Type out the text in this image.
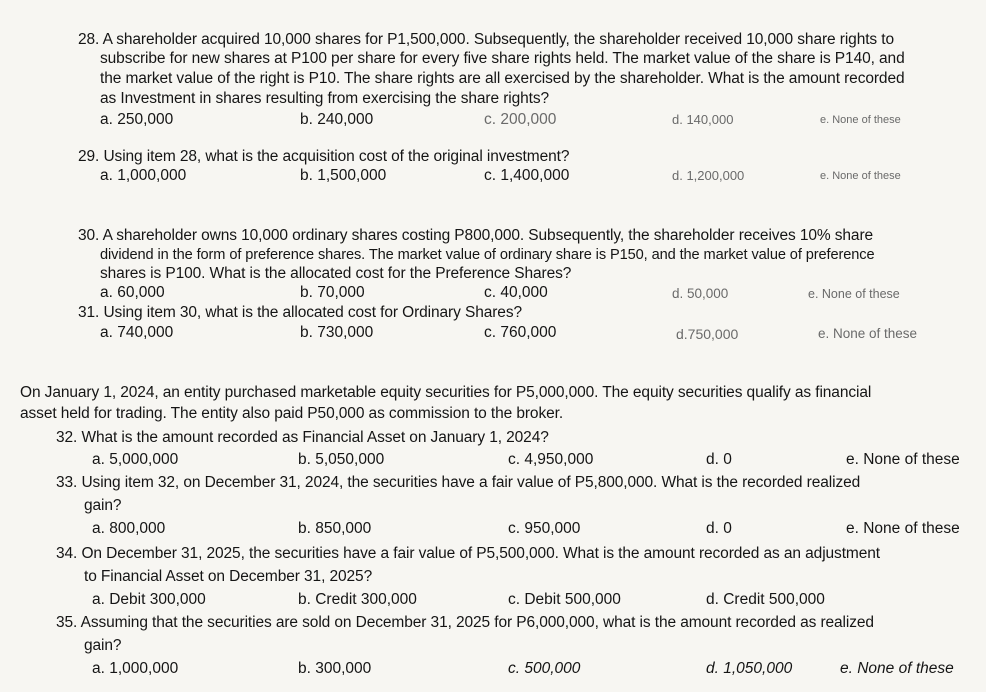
28. A shareholder acquired 10,000 shares for P1,500,000. Subsequently, the shareholder received 10,000 share rights to
subscribe for new shares at P100 per share for every five share rights held. The market value of the share is P140, and
the market value of the right is P10. The share rights are all exercised by the shareholder. What is the amount recorded
as Investment in shares resulting from exercising the share rights?
a. 250,000	b. 240,000	c. 200,000	d. 140,000	e. None of these
29. Using item 28, what is the acquisition cost of the original investment?
a. 1,000,000	b. 1,500,000	c. 1,400,000	d. 1,200,000	e. None of these
30. A shareholder owns 10,000 ordinary shares costing P800,000. Subsequently, the shareholder receives 10% share
dividend in the form of preference shares. The market value of ordinary share is P150, and the market value of preference
shares is P100. What is the allocated cost for the Preference Shares?
a. 60,000	b. 70,000	c. 40,000	d. 50,000	e. None of these
31. Using item 30, what is the allocated cost for Ordinary Shares?
a. 740,000	b. 730,000	c. 760,000	d.750,000	e. None of these
On January 1, 2024, an entity purchased marketable equity securities for P5,000,000. The equity securities qualify as financial
asset held for trading. The entity also paid P50,000 as commission to the broker.
32. What is the amount recorded as Financial Asset on January 1, 2024?
a. 5,000,000	b. 5,050,000	c. 4,950,000	d. 0	e. None of these
33. Using item 32, on December 31, 2024, the securities have a fair value of P5,800,000. What is the recorded realized
gain?
a. 800,000	b. 850,000	c. 950,000	d. 0	e. None of these
34. On December 31, 2025, the securities have a fair value of P5,500,000. What is the amount recorded as an adjustment
to Financial Asset on December 31, 2025?
a. Debit 300,000	b. Credit 300,000	c. Debit 500,000	d. Credit 500,000
35. Assuming that the securities are sold on December 31, 2025 for P6,000,000, what is the amount recorded as realized
gain?
a. 1,000,000	b. 300,000	c. 500,000	d. 1,050,000	e. None of these
